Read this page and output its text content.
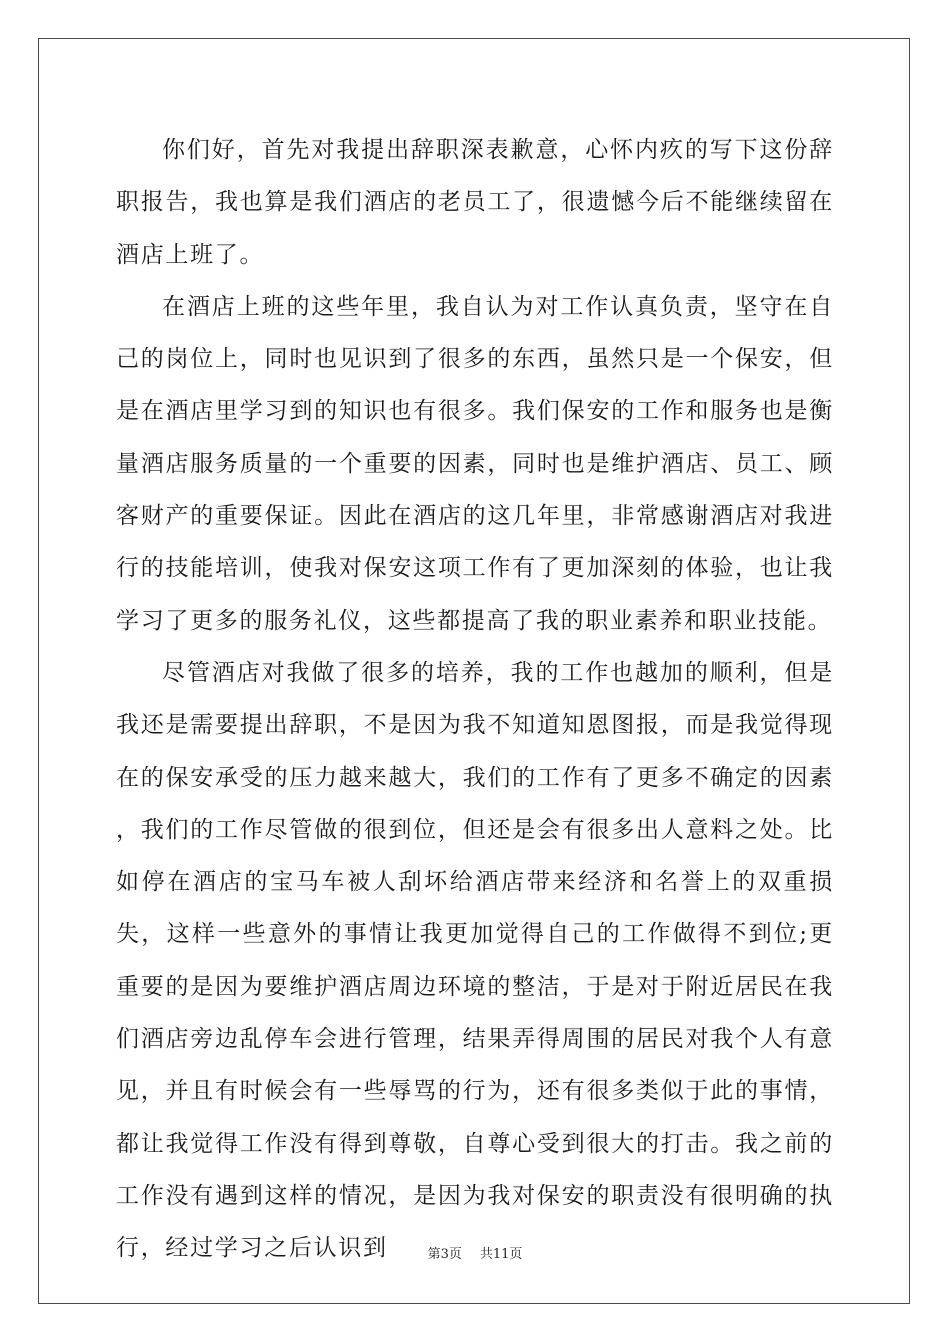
你们好，首先对我提出辞职深表歉意，心怀内疚的写下这份辞职报告，我也算是我们酒店的老员工了，很遗憾今后不能继续留在酒店上班了。

在酒店上班的这些年里，我自认为对工作认真负责，坚守在自己的岗位上，同时也见识到了很多的东西，虽然只是一个保安，但是在酒店里学习到的知识也有很多。我们保安的工作和服务也是衡量酒店服务质量的一个重要的因素，同时也是维护酒店、员工、顾客财产的重要保证。因此在酒店的这几年里，非常感谢酒店对我进行的技能培训，使我对保安这项工作有了更加深刻的体验，也让我学习了更多的服务礼仪，这些都提高了我的职业素养和职业技能。

尽管酒店对我做了很多的培养，我的工作也越加的顺利，但是我还是需要提出辞职，不是因为我不知道知恩图报，而是我觉得现在的保安承受的压力越来越大，我们的工作有了更多不确定的因素 ，我们的工作尽管做的很到位，但还是会有很多出人意料之处。比如停在酒店的宝马车被人刮坏给酒店带来经济和名誉上的双重损失，这样一些意外的事情让我更加觉得自己的工作做得不到位;更重要的是因为要维护酒店周边环境的整洁，于是对于附近居民在我们酒店旁边乱停车会进行管理，结果弄得周围的居民对我个人有意见，并且有时候会有一些辱骂的行为，还有很多类似于此的事情，都让我觉得工作没有得到尊敬，自尊心受到很大的打击。我之前的工作没有遇到这样的情况，是因为我对保安的职责没有很明确的执行，经过学习之后认识到	第3页 共11页
